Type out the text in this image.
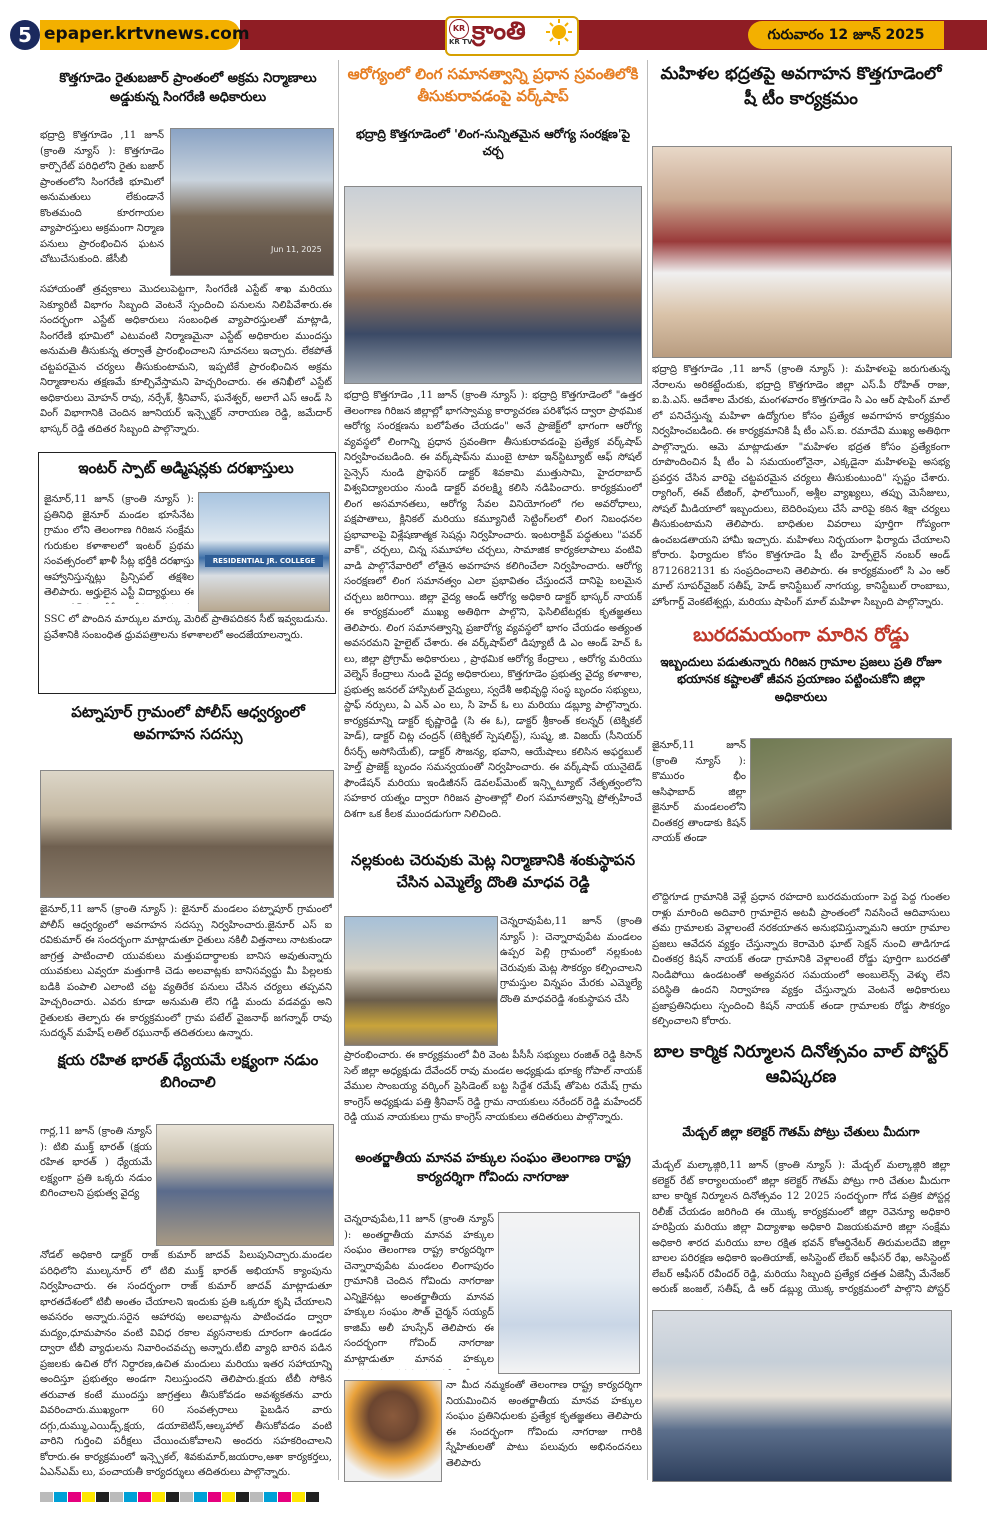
5 epaper.krtvnews.com	KR
KR TV క్రాంతి	గురువారం 12 జూన్ 2025
కొత్తగూడెం రైతుబజార్ ప్రాంతంలో అక్రమ నిర్మాణాలు అడ్డుకున్న సింగరేణి అధికారులు
Jun 11, 2025
భద్రాద్రి కొత్తగూడెం ,11 జూన్ (క్రాంతి న్యూస్ ): కొత్తగూడెం కార్పొరేట్ పరిధిలోని రైతు బజార్ ప్రాంతంలోని సింగరేణి భూమిలో అనుమతులు లేకుండానే కొంతమంది కూరగాయల వ్యాపారస్తులు అక్రమంగా నిర్మాణ పనులు ప్రారంభించిన ఘటన చోటుచేసుకుంది. జేసీబీ
సహాయంతో త్రవ్వకాలు మొదలుపెట్టగా, సింగరేణి ఎస్టేట్ శాఖ మరియు సెక్యూరిటీ విభాగం సిబ్బంది వెంటనే స్పందించి పనులను నిలిపివేశారు.ఈ సందర్భంగా ఎస్టేట్ అధికారులు సంబంధిత వ్యాపారస్తులతో మాట్లాడి, సింగరేణి భూమిలో ఎటువంటి నిర్మాణమైనా ఎస్టేట్ అధికారుల ముందస్తు అనుమతి తీసుకున్న తర్వాతే ప్రారంభించాలని సూచనలు ఇచ్చారు. లేకపోతే చట్టపరమైన చర్యలు తీసుకుంటామని, ఇప్పటికే ప్రారంభించిన అక్రమ నిర్మాణాలను తక్షణమే కూల్చివేస్తామని హెచ్చరించారు. ఈ తనిఖీలో ఎస్టేట్ అధికారులు మోహన్ రావు, నర్సేశ్, శ్రీనివాస్, ఘనేశ్వర్, అలాగే ఎస్ ఆండ్ సి వింగ్ విభాగానికి చెందిన జూనియర్ ఇన్స్పెక్టర్ నారాయణ రెడ్డి, జమేదార్ భాస్కర్ రెడ్డి తదితర సిబ్బంది పాల్గొన్నారు.
ఇంటర్ స్పాట్ అడ్మిషన్లకు దరఖాస్తులు
జైనూర్,11 జూన్ (క్రాంతి న్యూస్ ): ప్రతినిధి జైనూర్ మండల భూసేనేట గ్రామం లోని తెలంగాణ గిరిజన సంక్షేమ గురుకుల కళాశాలలో ఇంటర్ ప్రథమ సంవత్సరంలో ఖాళీ సీట్ల భర్తీకి దరఖాస్తు ఆహ్వానిస్తున్నట్లు ప్రిన్సిపల్ తక్షశిల తెలిపారు. అర్హులైన ఎస్టీ విద్యార్థులు ఈ
RESIDENTIAL JR. COLLEGE
SSC లో పొందిన మార్కుల మార్కు మెరిట్ ప్రాతిపదికన సీట్ ఇవ్వబడును. ప్రవేశానికి సంబంధిత ధ్రువపత్రాలను కళాశాలలో అందజేయాలన్నారు.
పట్నాపూర్ గ్రామంలో పోలీస్ ఆధ్వర్యంలో అవగాహన సదస్సు
జైనూర్,11 జూన్ (క్రాంతి న్యూస్ ): జైనూర్ మండలం పట్నాపూర్ గ్రామంలో పోలీస్ ఆధ్వర్యంలో అవగాహన సదస్సు నిర్వహించారు.జైనూర్ ఎస్ ఐ రవికుమార్ ఈ సందర్భంగా మాట్లాడుతూ రైతులు నకిలీ విత్తనాలు నాటకుండా జాగ్రత్త పాటించాలి యువకులు మత్తుపదార్థాలకు బానిస అవుతున్నారు యువకులు ఎవ్వరూ మత్తుగాకి చెడు అలవాట్లకు బానిసవ్వద్దు మీ పిల్లలకు బడికి పంపాలి ఎలాంటి చట్ట వ్యతిరేక పనులు చేసిన చర్యలు తప్పవని హెచ్చరించారు. ఎవరు కూడా అనుమతి లేని గడ్డి మందు వడవద్దు అని రైతులకు తెల్పారు ఈ కార్యక్రమంలో గ్రామ పటేల్ వైజనాథ్ జగన్నాథ్ రావు సుదర్శన్ మహేష్ లతిల్ రఘునాథ్ తదితరులు ఉన్నారు.
క్షయ రహిత భారత్ ధ్యేయమే లక్ష్యంగా నడుం బిగించాలి
గార్ల,11 జూన్ (క్రాంతి న్యూస్ ): టిబి ముక్త్ భారత్ (క్షయ రహిత భారత్ ) ధ్యేయమే లక్ష్యంగా ప్రతి ఒక్కరు నడుం బిగించాలని ప్రభుత్వ వైద్య
నోడల్ అధికారి డాక్టర్ రాజ్ కుమార్ జాదవ్ పిలుపునిచ్చారు.మండల పరిధిలోని ముల్కనూర్ లో టిబి ముక్త్ భారత్ అభియాన్ క్యాంపును నిర్వహించారు. ఈ సందర్భంగా రాజ్ కుమార్ జాదవ్ మాట్లాడుతూ భారతదేశంలో టిబీ అంతం చేయాలని ఇందుకు ప్రతి ఒక్కరూ కృషి చేయాలని అవసరం అన్నారు.సరైన ఆహారపు అలవాట్లను పాటించడం ద్వారా మద్యం,ధూమపానం వంటి వివిధ రకాల వ్యసనాలకు దూరంగా ఉండడం ద్వారా టీబీ వ్యాధులను నివారించవచ్చు అన్నారు.టీబి వ్యాధి బారిన పడిన ప్రజలకు ఉచిత రోగ నిర్ధారణ,ఉచిత మందులు మరియు ఇతర సహాయాన్ని అందిస్తూ ప్రభుత్వం అండగా నిలుస్తుందని తెలిపారు.క్షయ టీబీ సోకిన తరువాత కంటే ముందస్తు జాగ్రత్తలు తీసుకోవడం అవశ్యకతను వారు వివరించారు.ముఖ్యంగా 60 సంవత్సరాలు పైబడిన వారు దగ్గు,దుమ్ము,ఎయిడ్స్,క్షయ, డయాబెటిస్,ఆల్కహాల్ తీసుకోవడం వంటి వారిని గుర్తించి పరీక్షలు చేయించుకోవాలని అందరు సహకరించాలని కోరారు.ఈ కార్యక్రమంలో ఇన్స్పెకల్, శివకుమార్,జయరాం,ఆశా కార్యకర్తలు, ఏఎన్ఎమ్ లు, పంచాయతీ కార్యదర్శులు తదితరులు పాల్గొన్నారు.
ఆరోగ్యంలో లింగ సమానత్వాన్ని ప్రధాన స్రవంతిలోకి తీసుకురావడంపై వర్క్‌షాప్
భద్రాద్రి కొత్తగూడెంలో 'లింగ-సున్నితమైన ఆరోగ్య సంరక్షణ'పై చర్చ
భద్రాద్రి కొత్తగూడెం ,11 జూన్ (క్రాంతి న్యూస్ ): భద్రాద్రి కొత్తగూడెంలో "ఉత్తర తెలంగాణ గిరిజన జిల్లాల్లో భాగస్వామ్య కార్యాచరణ పరిశోధన ద్వారా ప్రాథమిక ఆరోగ్య సంరక్షణను బలోపేతం చేయడం" అనే ప్రాజెక్ట్‌లో భాగంగా ఆరోగ్య వ్యవస్థలో లింగాన్ని ప్రధాన స్రవంతిగా తీసుకురావడంపై ప్రత్యేక వర్క్‌షాప్ నిర్వహించబడింది. ఈ వర్క్‌షాప్‌ను ముంబై టాటా ఇన్‌స్టిట్యూట్ ఆఫ్ సోషల్ సైన్సెస్ నుండి ప్రొఫెసర్ డాక్టర్ శివకామి ముత్తుసామి, హైదరాబాద్ విశ్వవిద్యాలయం నుండి డాక్టర్ వరలక్ష్మి కలిసి నడిపించారు. కార్యక్రమంలో లింగ అసమానతలు, ఆరోగ్య సేవల వినియోగంలో గల అవరోధాలు, పక్షపాతాలు, క్లినికల్ మరియు కమ్యూనిటీ సెట్టింగ్‌లలో లింగ నిబంధనల ప్రభావాలపై విశ్లేషణాత్మక సెషన్లు నిర్వహించారు. ఇంటరాక్టివ్ పద్ధతులు "పవర్ వాక్", చర్చలు, చిన్న సమూహాల చర్చలు, సామాజిక కార్యకలాపాలు వంటివి వాడి పాల్గొనేవారిలో లోతైన అవగాహన కలిగించేలా నిర్వహించారు. ఆరోగ్య సంరక్షణలో లింగ సమానత్వం ఎలా ప్రభావితం చేస్తుందనే దానిపై బలమైన చర్చలు జరిగాయి. జిల్లా వైద్య ఆండ్ ఆరోగ్య అధికారి డాక్టర్ భాస్కర్ నాయక్ ఈ కార్యక్రమంలో ముఖ్య అతిథిగా పాల్గొని, ఫెసిలిటేటర్లకు కృతజ్ఞతలు తెలిపారు. లింగ సమానత్వాన్ని ప్రజారోగ్య వ్యవస్థలో భాగం చేయడం అత్యంత అవసరమని హైలైట్ చేశారు. ఈ వర్క్‌షాప్‌లో డిప్యూటీ డి ఎం ఆండ్ హెచ్ ఓ లు, జిల్లా ప్రోగ్రామ్ అధికారులు , ప్రాథమిక ఆరోగ్య కేంద్రాలు , ఆరోగ్య మరియు వెల్నెస్ కేంద్రాలు నుండి వైద్య అధికారులు, కొత్తగూడెం ప్రభుత్వ వైద్య కళాశాల, ప్రభుత్వ జనరల్ హాస్పిటల్ వైద్యులు, స్వదేశీ అభివృద్ధి సంస్థ బృందం సభ్యులు, స్టాఫ్ నర్సులు, ఏ ఎన్ ఎం లు, సి హెచ్ ఓ లు మరియు డబ్ల్యూ పాల్గొన్నారు. కార్యక్రమాన్ని డాక్టర్ కృష్ణారెడ్డి (సి ఈ ఓ), డాక్టర్ శ్రీకాంత్ కలన్నర్ (టెక్నికల్ హెడ్), డాక్టర్ చిట్ల చంద్రన్ (టెక్నికల్ స్పెషలిస్ట్), సుష్మ, జి. విజయ్ (సీనియర్ రీసర్చ్ అసోసియేట్), డాక్టర్ సౌజన్య, భవాని, ఆయేషాలు కలిసిన అఫర్డబుల్ హెల్త్ ప్రాజెక్ట్ బృందం సమన్వయంతో నిర్వహించారు. ఈ వర్క్‌షాప్ యునైటెడ్ ఫౌండేషన్ మరియు ఇండిజీనస్ డెవలప్‌మెంట్ ఇన్స్టిట్యూట్ నేతృత్వంలోని సహకార యత్నం ద్వారా గిరిజన ప్రాంతాల్లో లింగ సమానత్వాన్ని ప్రోత్సహించే దిశగా ఒక కీలక ముందడుగుగా నిలిచింది.
నల్లకుంట చెరువుకు మెట్ల నిర్మాణానికి శంకుస్థాపన చేసిన ఎమ్మెల్యే దొంతి మాధవ రెడ్డి
చెన్నరావుపేట,11 జూన్ (క్రాంతి న్యూస్ ): చెన్నారావుపేట మండలం ఉప్పర పెల్లి గ్రామంలో నల్లకుంట చెరువుకు మెట్ల సౌకర్యం కల్పించాలని గ్రామస్తుల విన్నపం మేరకు ఎమ్మెల్యే దొంతి మాధవరెడ్డి శంకుస్థాపన చేసి
ప్రారంభించారు. ఈ కార్యక్రమంలో వీరి వెంట పీసీసీ సభ్యులు రంజిత్ రెడ్డి కిసాన్ సెల్ జిల్లా అధ్యక్షుడు దేవేందర్ రావు మండల అధ్యక్షుడు భూక్య గోపాల్ నాయక్ వేముల సాంబయ్య వర్కింగ్ ప్రెసిడెంట్ బట్ట సిద్దేశ రమేష్ తోపెట రమేష్ గ్రామ కాంగ్రెస్ అధ్యక్షుడు పత్తి శ్రీనివాస్ రెడ్డి గ్రామ నాయకులు నరేందర్ రెడ్డి మహేందర్ రెడ్డి యువ నాయకులు గ్రామ కాంగ్రెస్ నాయకులు తదితరులు పాల్గొన్నారు.
అంతర్జాతీయ మానవ హక్కుల సంఘం తెలంగాణ రాష్ట్ర కార్యదర్శిగా గోవిందు నాగరాజు
చెన్నరావుపేట,11 జూన్ (క్రాంతి న్యూస్ ): అంతర్జాతీయ మానవ హక్కుల సంఘం తెలంగాణ రాష్ట్ర కార్యదర్శిగా చెన్నారావుపేట మండలం లింగాపురం గ్రామానికి చెందిన గోవిందు నాగరాజు ఎన్నికైనట్లు అంతర్జాతీయ మానవ హక్కుల సంఘం సౌత్ చైర్మన్ సయ్యద్ కాజిమ్ అలీ హుస్సేన్ తెలిపారు ఈ సందర్భంగా గోవింద్ నాగరాజు మాట్లాడుతూ మానవ హక్కుల
నా మీద నమ్మకంతో తెలంగాణ రాష్ట్ర కార్యదర్శిగా నియమించిన అంతర్జాతీయ మానవ హక్కుల సంఘం ప్రతినిధులకు ప్రత్యేక కృతజ్ఞతలు తెలిపారు ఈ సందర్భంగా గోవిందు నాగరాజు గారికి స్నేహితులతో పాటు పలువురు అభినందనలు తెలిపారు
మహిళల భద్రతపై అవగాహన కొత్తగూడెంలో షీ టీం కార్యక్రమం
భద్రాద్రి కొత్తగూడెం ,11 జూన్ (క్రాంతి న్యూస్ ): మహిళలపై జరుగుతున్న నేరాలను అరికట్టేందుకు, భద్రాద్రి కొత్తగూడెం జిల్లా ఎస్.పీ రోహిత్ రాజు, ఐ.పి.ఎస్. ఆదేశాల మేరకు, మంగళవారం కొత్తగూడెం సి ఎం ఆర్ షాపింగ్ మాల్ లో పనిచేస్తున్న మహిళా ఉద్యోగుల కోసం ప్రత్యేక అవగాహన కార్యక్రమం నిర్వహించబడింది. ఈ కార్యక్రమానికి షీ టీం ఎస్.ఐ. రమాదేవి ముఖ్య అతిథిగా పాల్గొన్నారు. ఆమె మాట్లాడుతూ "మహిళల భద్రత కోసం ప్రత్యేకంగా రూపొందించిన షీ టీం ఏ సమయంలోనైనా, ఎక్కడైనా మహిళలపై అసభ్య ప్రవర్తన చేసిన వారిపై చట్టపరమైన చర్యలు తీసుకుంటుంది" స్పష్టం చేశారు. ర్యాగింగ్, ఈవ్ టీజింగ్, ఫాలోయింగ్, అశ్లీల వ్యాఖ్యలు, తప్పు మెసేజులు, సోషల్ మీడియాలో ఇబ్బందులు, బెదిరింపులు చేసే వారిపై కఠిన శిక్షా చర్యలు తీసుకుంటామని తెలిపారు. బాధితుల వివరాలు పూర్తిగా గోప్యంగా ఉంచబడతాయని హామీ ఇచ్చారు. మహిళలు నిర్భయంగా ఫిర్యాదు చేయాలని కోరారు. ఫిర్యాదుల కోసం కొత్తగూడెం షీ టీం హెల్ప్‌లైన్ నంబర్ ఆండ్ 8712682131 కు సంప్రదించాలని తెలిపారు. ఈ కార్యక్రమంలో సి ఎం ఆర్ మాల్ సూపర్‌వైజర్ సతీష్, హెడ్ కానిస్టేబుల్ నాగయ్య, కానిస్టేబుల్ రాంబాబు, హోంగార్డ్ వెంకటేశ్వర్లు, మరియు షాపింగ్ మాల్ మహిళా సిబ్బంది పాల్గొన్నారు.
బురదమయంగా మారిన రోడ్డు
ఇబ్బందులు పడుతున్నారు గిరిజన గ్రామాల ప్రజలు ప్రతి రోజూ భయానక కష్టాలతో జీవన ప్రయాణం పట్టించుకోని జిల్లా అధికారులు
జైనూర్,11 జూన్ (క్రాంతి న్యూస్ ): కొమురం భీం ఆసిఫాబాద్ జిల్లా జైనూర్ మండలంలోని చింతకర్ర తాండాకు కిషన్ నాయక్ తండా
లొద్దిగూడ గ్రామానికి వెళ్లే ప్రధాన రహదారి బురదమయంగా పెద్ద పెద్ద గుంతల రాళ్లు మారింది అదివారి గ్రామాలైన అటవీ ప్రాంతంలో నివసించే ఆదివాసులు తమ గ్రామాలకు వెళ్లాలంటే నరకయాతన అనుభవిస్తున్నామని ఆయా గ్రామాల ప్రజలు ఆవేదన వ్యక్తం చేస్తున్నారు కెరామెరి ఘాట్ సెక్షన్ నుంచి తాడిగూడ చింతకర్ర కిషన్ నాయక్ తండా గ్రామానికి వెళ్లాలంటే రోడ్డు పూర్తిగా బురదతో నిండిపోయి ఉండటంతో అత్యవసర సమయంలో అంబులెన్స్ వెళ్ళు లేని పరిస్థితి ఉందని నిర్వాహణ వ్యక్తం చేస్తున్నారు వెంటనే అధికారులు ప్రజాప్రతినిధులు స్పందించి కిషన్ నాయక్ తండా గ్రామాలకు రోడ్డు సౌకర్యం కల్పించాలని కోరారు.
బాల కార్మిక నిర్మూలన దినోత్సవం వాల్ పోస్టర్ ఆవిష్కరణ
మేడ్చల్ జిల్లా కలెక్టర్ గౌతమ్ పోట్రు చేతులు మీదుగా
మేడ్చల్ మల్కాజ్గిరి,11 జూన్ (క్రాంతి న్యూస్ ): మేడ్చల్ మల్కాజ్గిరి జిల్లా కలెక్టర్ రేట్ కార్యాలయంలో జిల్లా కలెక్టర్ గౌతమ్ పోట్రు గారి చేతుల మీదుగా బాల కార్మిక నిర్మూలన దినోత్సవం 12 2025 సందర్భంగా గోడ పత్రిక పోస్టర్ల రిలీజ్ చేయడం జరిగింది ఈ యొక్క కార్యక్రమంలో జిల్లా రెవెన్యూ అధికారి హరిప్రియ మరియు జిల్లా విద్యాశాఖ అధికారి విజయకుమారి జిల్లా సంక్షేమ అధికారి శారద మరియు బాల రక్షిత భవన్ కోఆర్డినేటర్ తిరుమలదేవి జిల్లా బాలల పరిరక్షణ అధికారి ఇంతియాజ్, అసిస్టెంట్ లేబర్ ఆఫీసర్ రేఖ, అసిస్టెంట్ లేబర్ ఆఫీసర్ రవీందర్ రెడ్డి, మరియు సిబ్బంది ప్రత్యేక దత్తత ఏజెన్సీ మేనేజర్ అరుణ్ జంజల్, సతీష్, డి ఆర్ డబ్ల్యు యొక్క కార్యక్రమంలో పాల్గొని పోస్టర్
